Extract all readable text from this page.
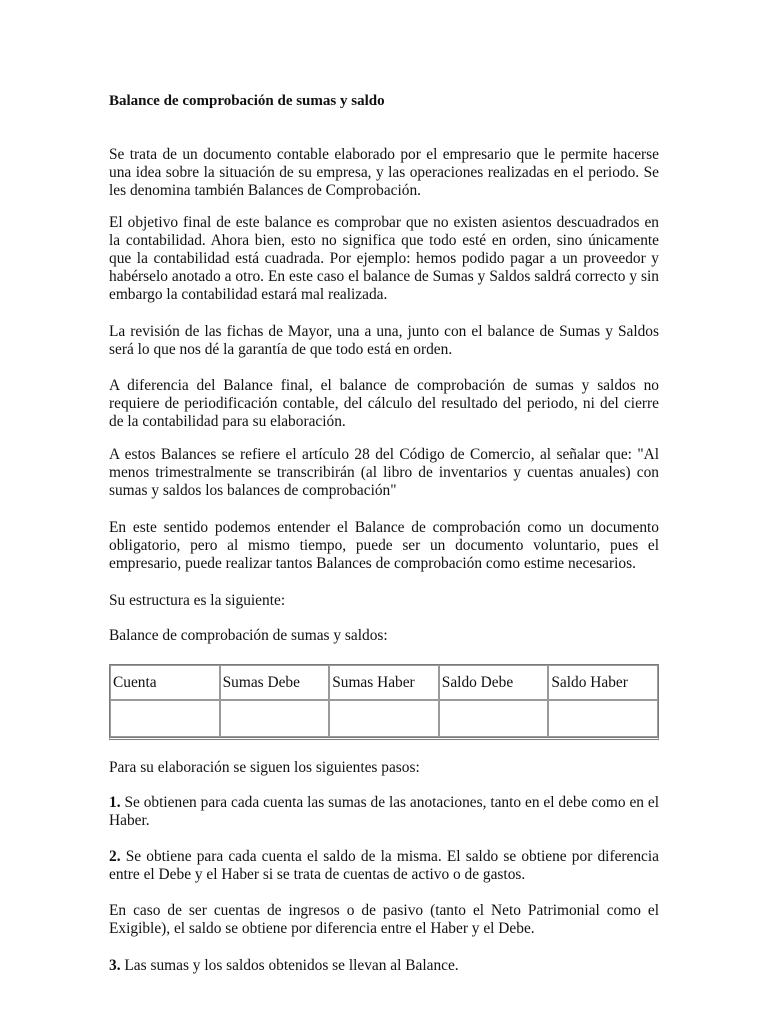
Balance de comprobación de sumas y saldo

Se trata de un documento contable elaborado por el empresario que le permite hacerse una idea sobre la situación de su empresa, y las operaciones realizadas en el periodo. Se les denomina también Balances de Comprobación.

El objetivo final de este balance es comprobar que no existen asientos descuadrados en la contabilidad. Ahora bien, esto no significa que todo esté en orden, sino únicamente que la contabilidad está cuadrada. Por ejemplo: hemos podido pagar a un proveedor y habérselo anotado a otro. En este caso el balance de Sumas y Saldos saldrá correcto y sin embargo la contabilidad estará mal realizada.

La revisión de las fichas de Mayor, una a una, junto con el balance de Sumas y Saldos será lo que nos dé la garantía de que todo está en orden.

A diferencia del Balance final, el balance de comprobación de sumas y saldos no requiere de periodificación contable, del cálculo del resultado del periodo, ni del cierre de la contabilidad para su elaboración.

A estos Balances se refiere el artículo 28 del Código de Comercio, al señalar que: "Al menos trimestralmente se transcribirán (al libro de inventarios y cuentas anuales) con sumas y saldos los balances de comprobación"

En este sentido podemos entender el Balance de comprobación como un documento obligatorio, pero al mismo tiempo, puede ser un documento voluntario, pues el empresario, puede realizar tantos Balances de comprobación como estime necesarios.

Su estructura es la siguiente:

Balance de comprobación de sumas y saldos:

Cuenta	Sumas Debe	Sumas Haber	Saldo Debe	Saldo Haber

Para su elaboración se siguen los siguientes pasos:

1. Se obtienen para cada cuenta las sumas de las anotaciones, tanto en el debe como en el Haber.

2. Se obtiene para cada cuenta el saldo de la misma. El saldo se obtiene por diferencia entre el Debe y el Haber si se trata de cuentas de activo o de gastos.

En caso de ser cuentas de ingresos o de pasivo (tanto el Neto Patrimonial como el Exigible), el saldo se obtiene por diferencia entre el Haber y el Debe.

3. Las sumas y los saldos obtenidos se llevan al Balance.
